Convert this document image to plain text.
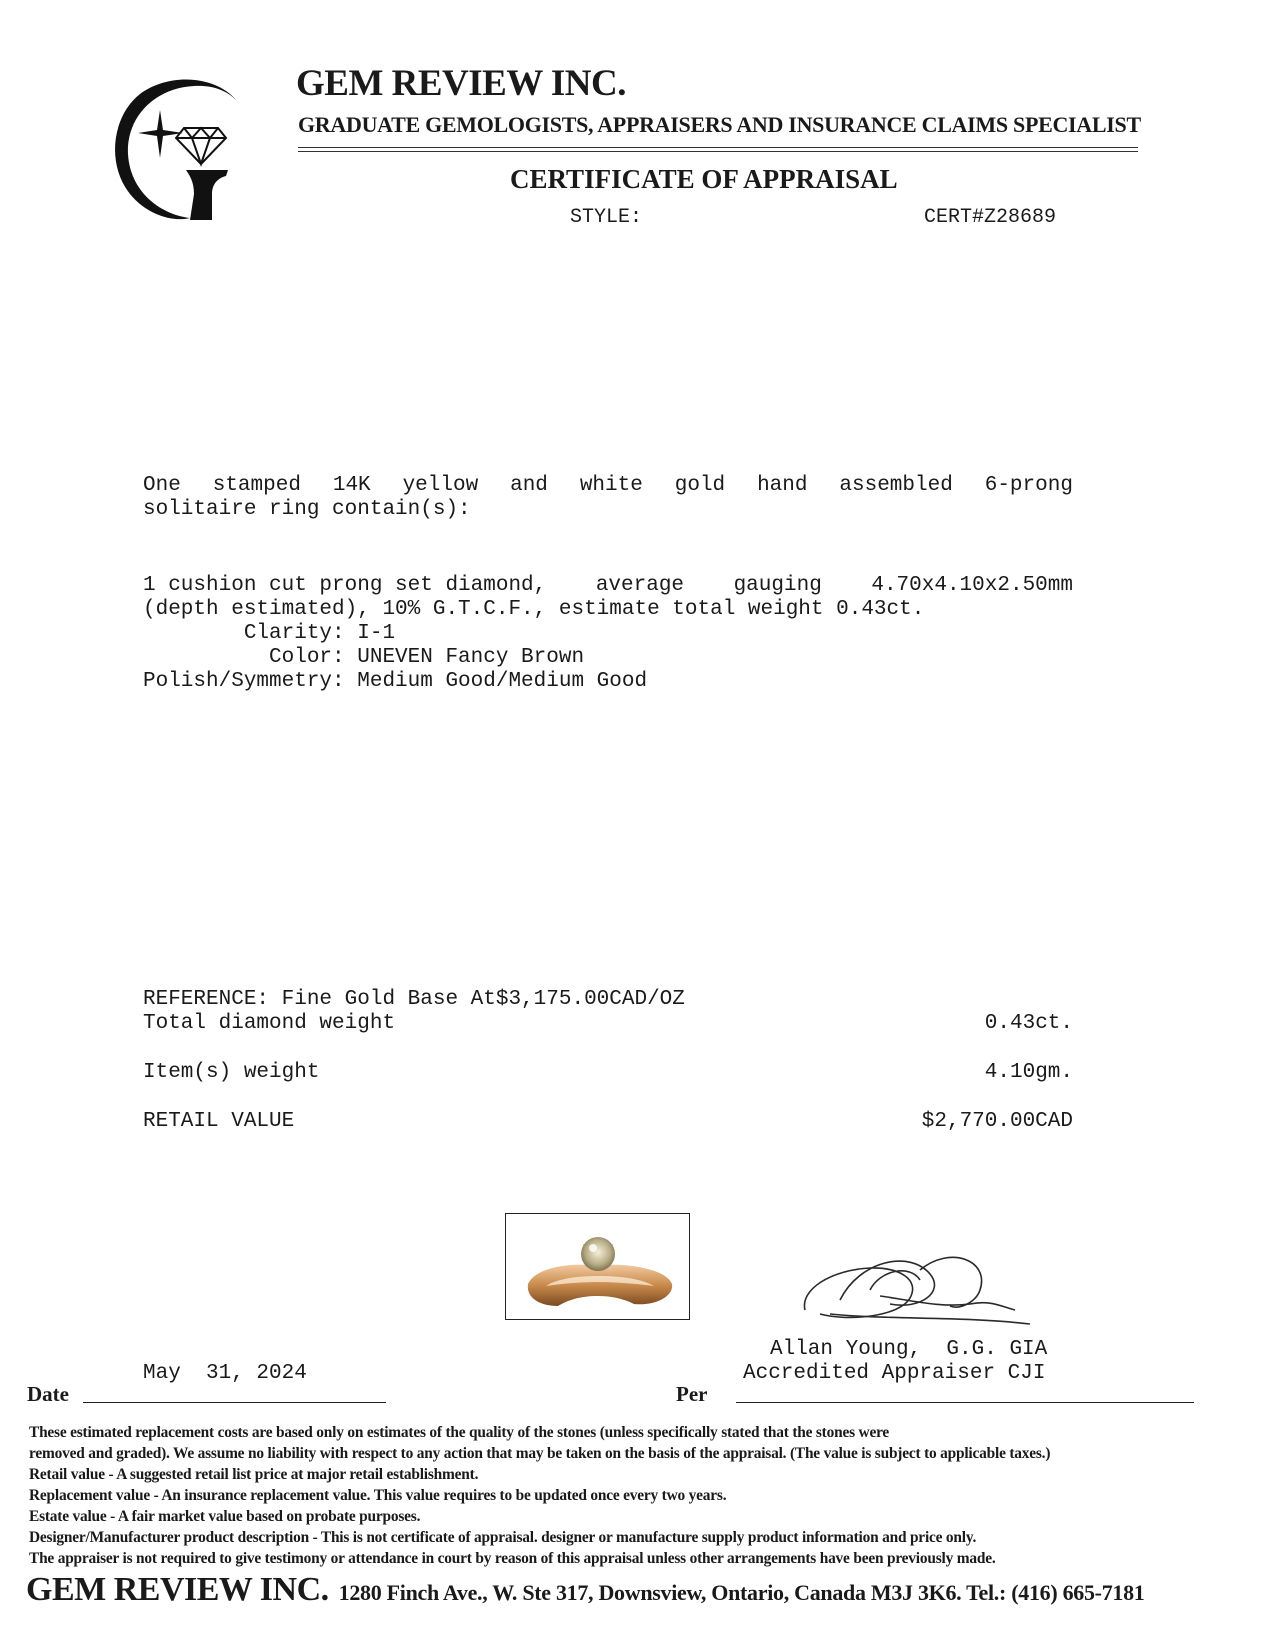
GEM REVIEW INC.
GRADUATE GEMOLOGISTS, APPRAISERS AND INSURANCE CLAIMS SPECIALIST
CERTIFICATE OF APPRAISAL
STYLE:	CERT#Z28689
One stamped 14K yellow and white gold hand assembled 6-prong
solitaire ring contain(s):
1 cushion cut prong set diamond, average gauging 4.70x4.10x2.50mm
(depth estimated), 10% G.T.C.F., estimate total weight 0.43ct.
Clarity: I-1
Color: UNEVEN Fancy Brown
Polish/Symmetry: Medium Good/Medium Good
REFERENCE: Fine Gold Base At$3,175.00CAD/OZ
Total diamond weight	0.43ct.
Item(s) weight	4.10gm.
RETAIL VALUE	$2,770.00CAD
Allan Young,  G.G. GIA
Accredited Appraiser CJI
May  31, 2024
Date	Per
These estimated replacement costs are based only on estimates of the quality of the stones (unless specifically stated that the stones were
removed and graded). We assume no liability with respect to any action that may be taken on the basis of the appraisal. (The value is subject to applicable taxes.)
Retail value - A suggested retail list price at major retail establishment.
Replacement value - An insurance replacement value. This value requires to be updated once every two years.
Estate value - A fair market value based on probate purposes.
Designer/Manufacturer product description - This is not certificate of appraisal. designer or manufacture supply product information and price only.
The appraiser is not required to give testimony or attendance in court by reason of this appraisal unless other arrangements have been previously made.
GEM REVIEW INC. 1280 Finch Ave., W. Ste 317, Downsview, Ontario, Canada M3J 3K6. Tel.: (416) 665-7181
